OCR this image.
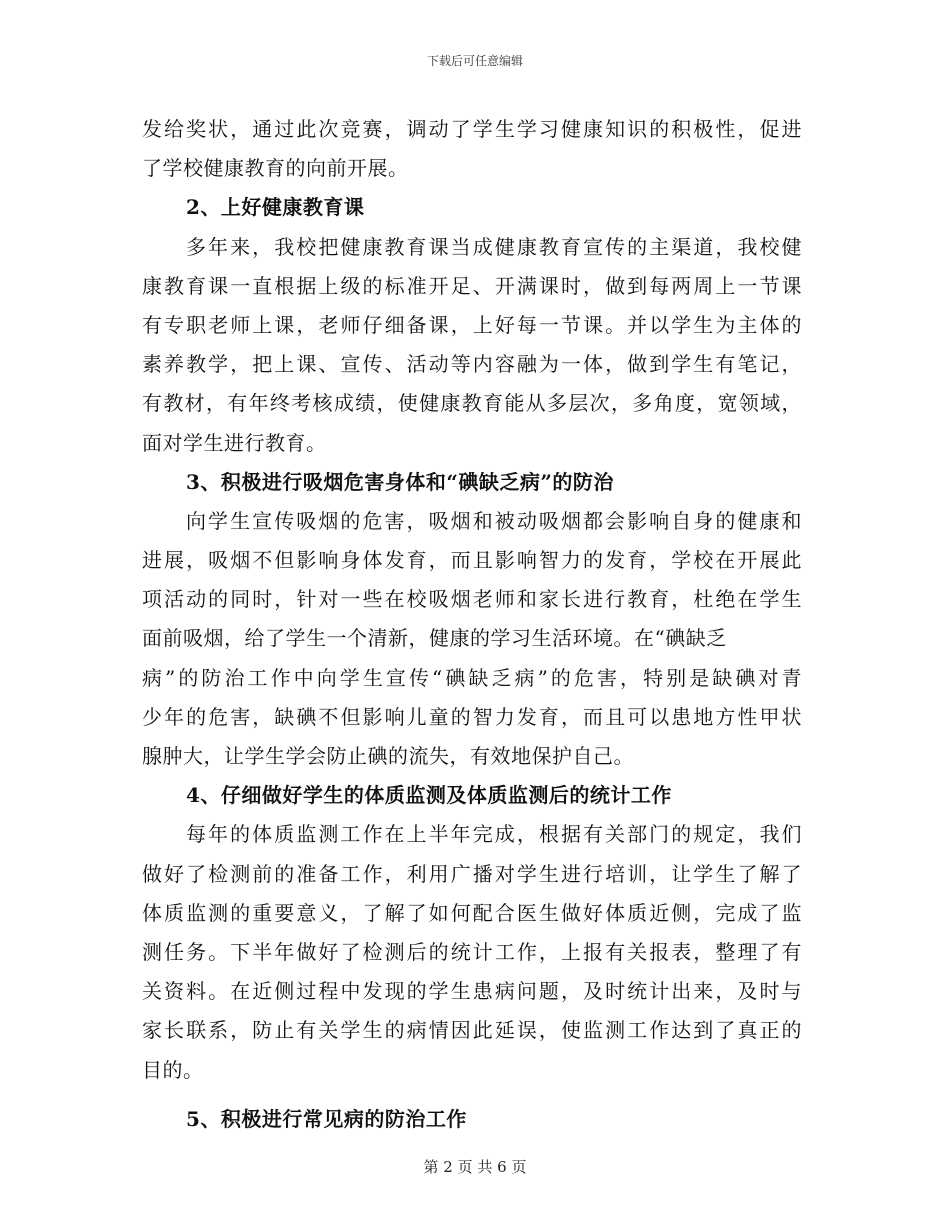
下载后可任意编辑
发给奖状，通过此次竞赛，调动了学生学习健康知识的积极性，促进
了学校健康教育的向前开展。
2、上好健康教育课
多年来，我校把健康教育课当成健康教育宣传的主渠道，我校健
康教育课一直根据上级的标准开足、开满课时，做到每两周上一节课
有专职老师上课，老师仔细备课，上好每一节课。并以学生为主体的
素养教学，把上课、宣传、活动等内容融为一体，做到学生有笔记，
有教材，有年终考核成绩，使健康教育能从多层次，多角度，宽领域，
面对学生进行教育。
3、积极进行吸烟危害身体和“碘缺乏病”的防治
向学生宣传吸烟的危害，吸烟和被动吸烟都会影响自身的健康和
进展，吸烟不但影响身体发育，而且影响智力的发育，学校在开展此
项活动的同时，针对一些在校吸烟老师和家长进行教育，杜绝在学生
面前吸烟，给了学生一个清新，健康的学习生活环境。在“碘缺乏
病”的防治工作中向学生宣传“碘缺乏病”的危害，特别是缺碘对青
少年的危害，缺碘不但影响儿童的智力发育，而且可以患地方性甲状
腺肿大，让学生学会防止碘的流失，有效地保护自己。
4、仔细做好学生的体质监测及体质监测后的统计工作
每年的体质监测工作在上半年完成，根据有关部门的规定，我们
做好了检测前的准备工作，利用广播对学生进行培训，让学生了解了
体质监测的重要意义，了解了如何配合医生做好体质近侧，完成了监
测任务。下半年做好了检测后的统计工作，上报有关报表，整理了有
关资料。在近侧过程中发现的学生患病问题，及时统计出来，及时与
家长联系，防止有关学生的病情因此延误，使监测工作达到了真正的
目的。
5、积极进行常见病的防治工作
第 2 页 共 6 页
